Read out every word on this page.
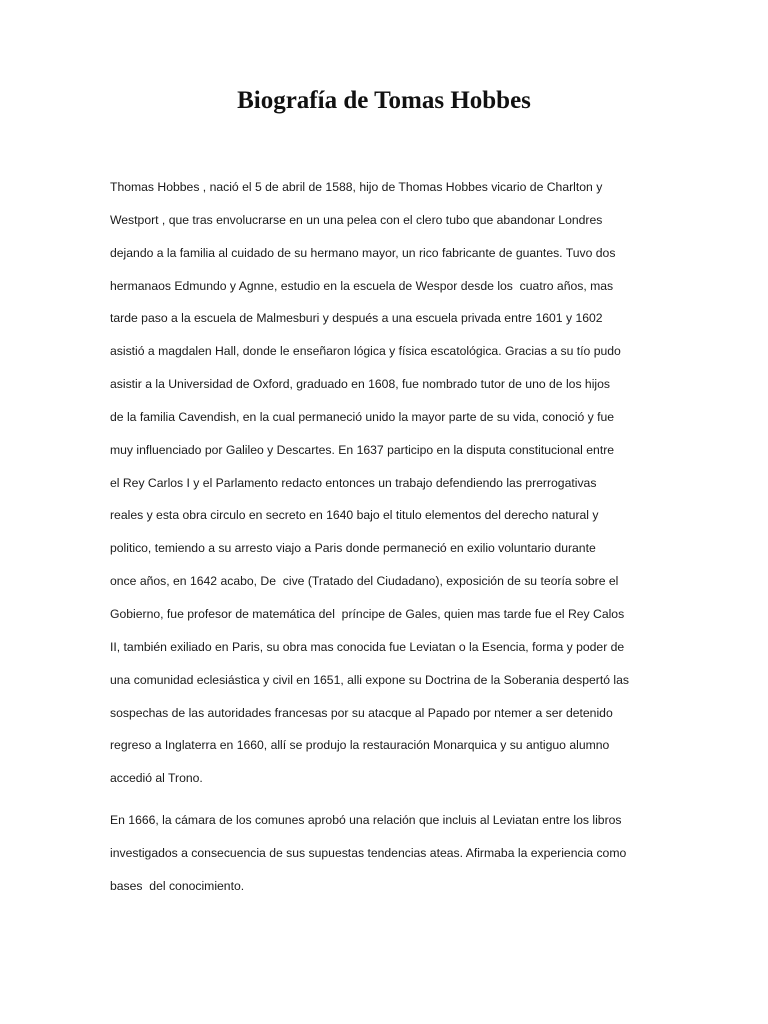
Biografía de Tomas Hobbes
Thomas Hobbes , nació el 5 de abril de 1588, hijo de Thomas Hobbes vicario de Charlton y
Westport , que tras envolucrarse en un una pelea con el clero tubo que abandonar Londres
dejando a la familia al cuidado de su hermano mayor, un rico fabricante de guantes. Tuvo dos
hermanaos Edmundo y Agnne, estudio en la escuela de Wespor desde los  cuatro años, mas
tarde paso a la escuela de Malmesburi y después a una escuela privada entre 1601 y 1602
asistió a magdalen Hall, donde le enseñaron lógica y física escatológica. Gracias a su tío pudo
asistir a la Universidad de Oxford, graduado en 1608, fue nombrado tutor de uno de los hijos
de la familia Cavendish, en la cual permaneció unido la mayor parte de su vida, conoció y fue
muy influenciado por Galileo y Descartes. En 1637 participo en la disputa constitucional entre
el Rey Carlos I y el Parlamento redacto entonces un trabajo defendiendo las prerrogativas
reales y esta obra circulo en secreto en 1640 bajo el titulo elementos del derecho natural y
politico, temiendo a su arresto viajo a Paris donde permaneció en exilio voluntario durante
once años, en 1642 acabo, De  cive (Tratado del Ciudadano), exposición de su teoría sobre el
Gobierno, fue profesor de matemática del  príncipe de Gales, quien mas tarde fue el Rey Calos
II, también exiliado en Paris, su obra mas conocida fue Leviatan o la Esencia, forma y poder de
una comunidad eclesiástica y civil en 1651, alli expone su Doctrina de la Soberania despertó las
sospechas de las autoridades francesas por su atacque al Papado por ntemer a ser detenido
regreso a Inglaterra en 1660, allí se produjo la restauración Monarquica y su antiguo alumno
accedió al Trono.
En 1666, la cámara de los comunes aprobó una relación que incluis al Leviatan entre los libros
investigados a consecuencia de sus supuestas tendencias ateas. Afirmaba la experiencia como
bases  del conocimiento.
